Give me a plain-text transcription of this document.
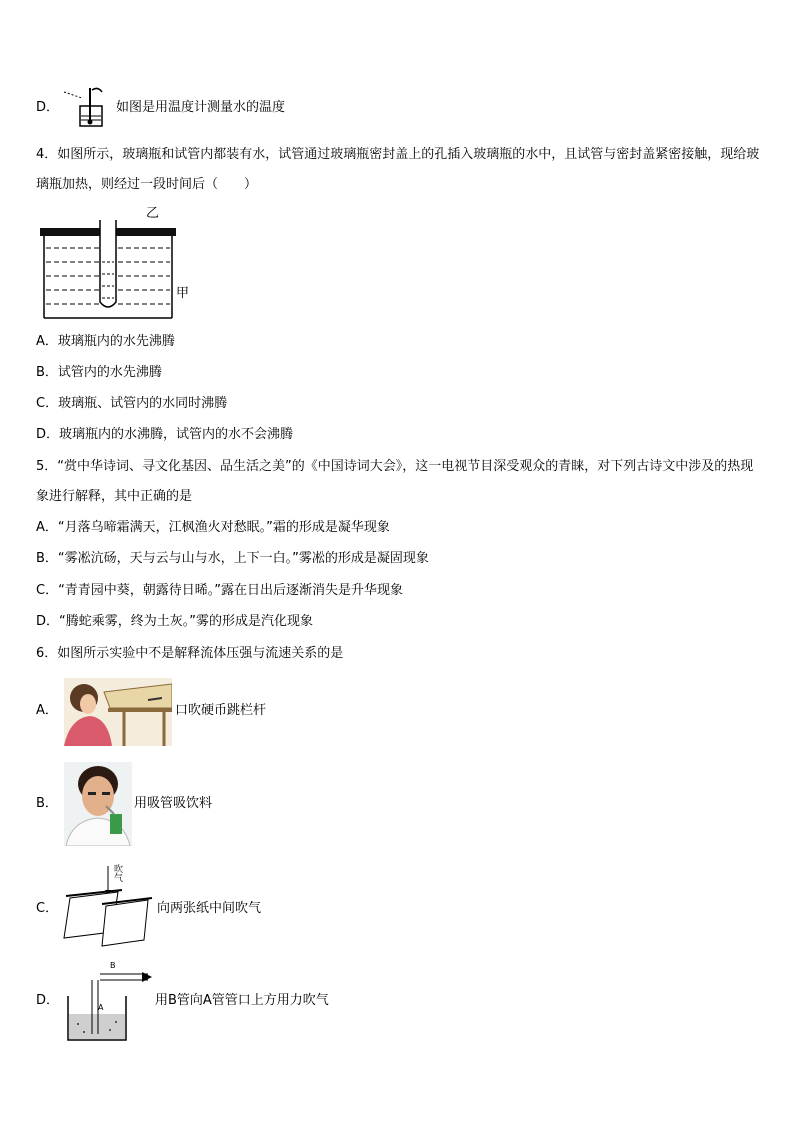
D．	如图是用温度计测量水的温度
4．如图所示，玻璃瓶和试管内都装有水，试管通过玻璃瓶密封盖上的孔插入玻璃瓶的水中，且试管与密封盖紧密接触，现给玻璃瓶加热，则经过一段时间后（　　）
乙
甲
A．玻璃瓶内的水先沸腾
B．试管内的水先沸腾
C．玻璃瓶、试管内的水同时沸腾
D．玻璃瓶内的水沸腾，试管内的水不会沸腾
5．“赏中华诗词、寻文化基因、品生活之美”的《中国诗词大会》，这一电视节目深受观众的青睐，对下列古诗文中涉及的热现象进行解释，其中正确的是
A．“月落乌啼霜满天，江枫渔火对愁眠。”霜的形成是凝华现象
B．“雾凇沆砀，天与云与山与水，上下一白。”雾凇的形成是凝固现象
C．“青青园中葵，朝露待日晞。”露在日出后逐渐消失是升华现象
D．“腾蛇乘雾，终为土灰。”雾的形成是汽化现象
6．如图所示实验中不是解释流体压强与流速关系的是
A．	口吹硬币跳栏杆
B．	用吸管吸饮料
C．
吹气
向两张纸中间吹气
D．
B
A	用B管向A管管口上方用力吹气
